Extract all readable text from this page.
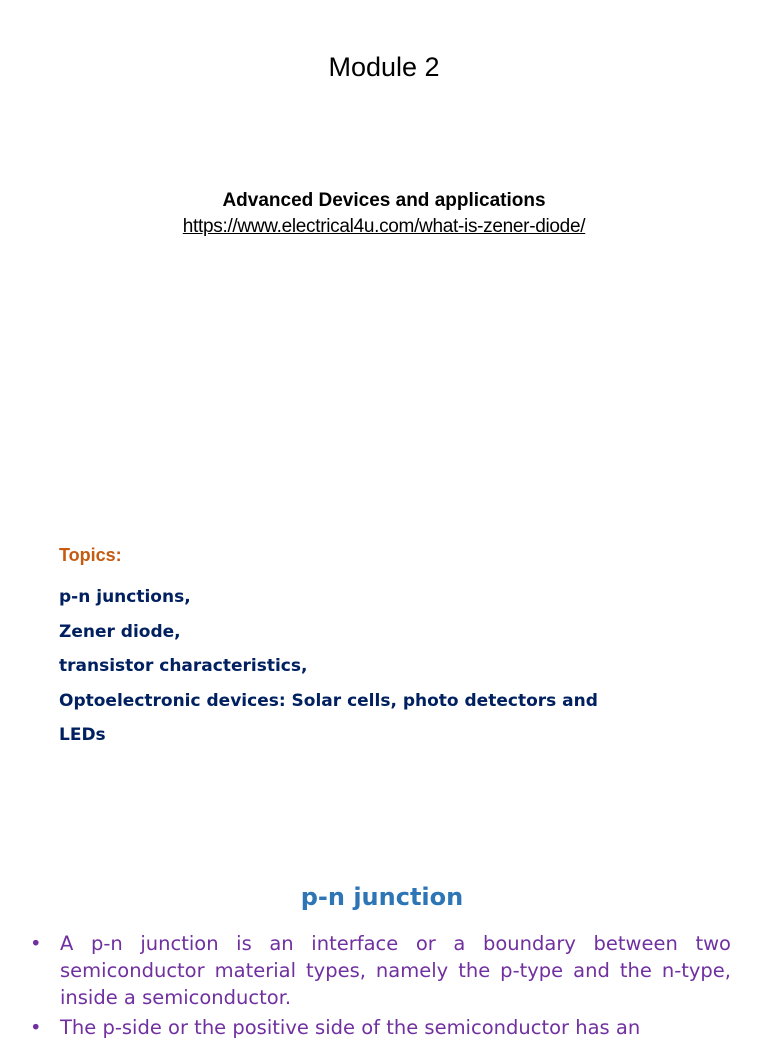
Module 2
Advanced Devices and applications
https://www.electrical4u.com/what-is-zener-diode/
Topics:
p-n junctions,
Zener diode,
transistor characteristics,
Optoelectronic devices: Solar cells, photo detectors and
LEDs
p-n junction
• A p-n junction is an interface or a boundary between two semiconductor material types, namely the p-type and the n-type, inside a semiconductor.
• The p-side or the positive side of the semiconductor has an
